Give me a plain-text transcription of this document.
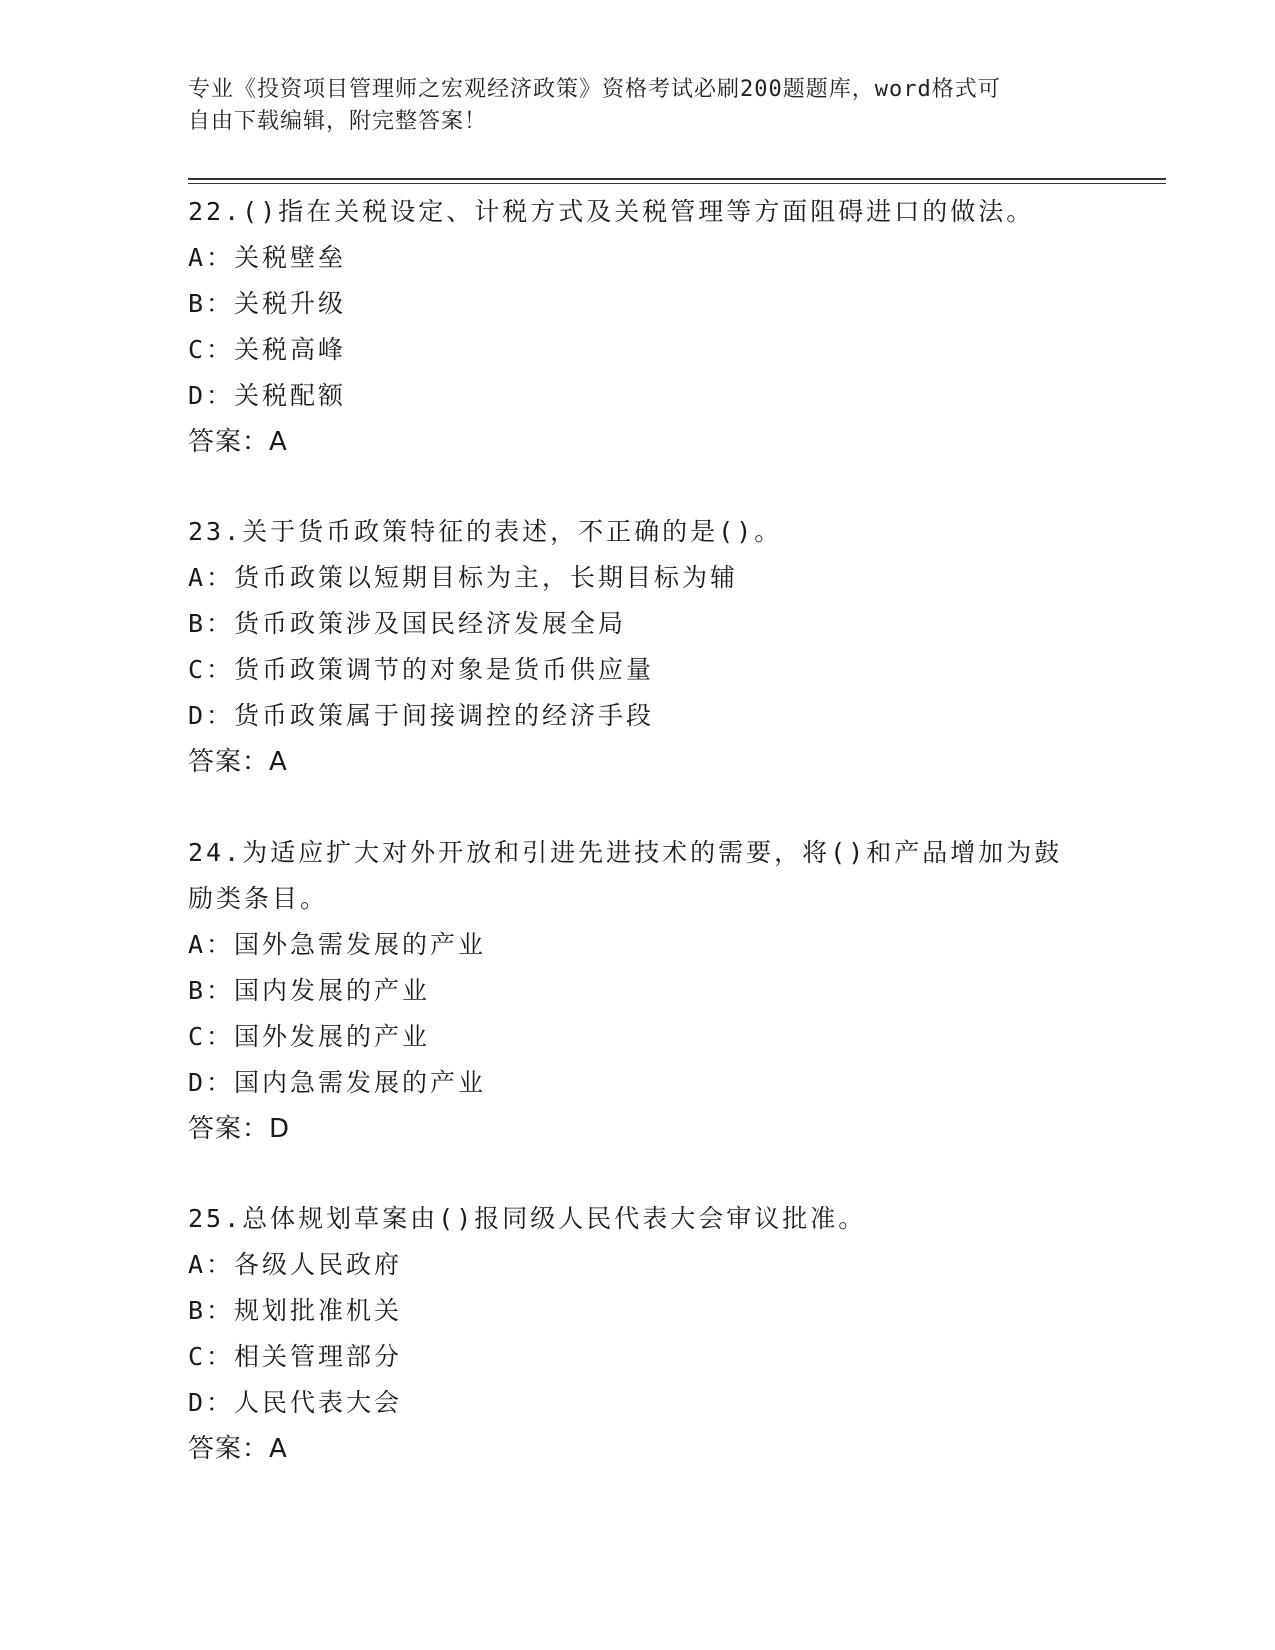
专业《投资项目管理师之宏观经济政策》资格考试必刷200题题库，word格式可
自由下载编辑，附完整答案！

22.()指在关税设定、计税方式及关税管理等方面阻碍进口的做法。

A：关税壁垒

B：关税升级

C：关税高峰

D：关税配额

答案：A

23.关于货币政策特征的表述，不正确的是()。

A：货币政策以短期目标为主，长期目标为辅

B：货币政策涉及国民经济发展全局

C：货币政策调节的对象是货币供应量

D：货币政策属于间接调控的经济手段

答案：A

24.为适应扩大对外开放和引进先进技术的需要，将()和产品增加为鼓

励类条目。

A：国外急需发展的产业

B：国内发展的产业

C：国外发展的产业

D：国内急需发展的产业

答案：D

25.总体规划草案由()报同级人民代表大会审议批准。

A：各级人民政府

B：规划批准机关

C：相关管理部分

D：人民代表大会

答案：A
